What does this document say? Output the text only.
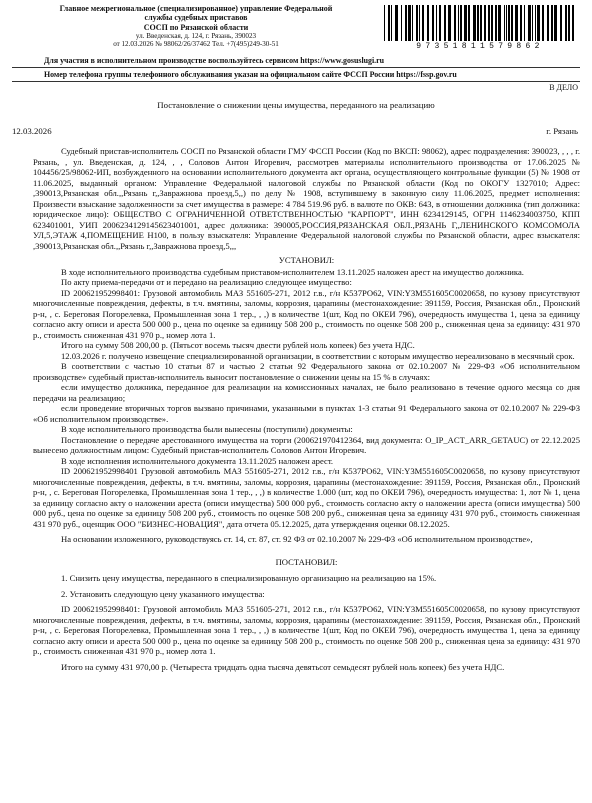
Главное межрегиональное (специализированное) управление Федеральной
службы судебных приставов
СОСП по Рязанской области
ул. Введенская, д. 124, г. Рязань, 390023
от 12.03.2026 № 98062/26/37462 Тел. +7(495)249-30-51	97351811579862
Для участия в исполнительном производстве воспользуйтесь сервисом https://www.gosuslugi.ru
Номер телефона группы телефонного обслуживания указан на официальном сайте ФССП России https://fssp.gov.ru
В ДЕЛО
Постановление о снижении цены имущества, переданного на реализацию
12.03.2026	г. Рязань

Судебный пристав-исполнитель СОСП по Рязанской области ГМУ ФССП России (Код по ВКСП: 98062), адрес подразделения: 390023, , , , г. Рязань, , ул. Введенская, д. 124, , , Соловов Антон Игоревич, рассмотрев материалы исполнительного производства от 17.06.2025 № 104456/25/98062-ИП, возбужденного на основании исполнительного документа акт органа, осуществляющего контрольные функции (5) № 1908 от 11.06.2025, выданный органом: Управление Федеральной налоговой службы по Рязанской области (Код по ОКОГУ 1327010; Адрес: ,390013,Рязанская обл.,,Рязань г,,Завражнова проезд,5,,) по делу № 1908, вступившему в законную силу 11.06.2025, предмет исполнения: Произвести взыскание задолженности за счет имущества в размере: 4 784 519.96 руб. в валюте по ОКВ: 643, в отношении должника (тип должника: юридическое лицо): ОБЩЕСТВО С ОГРАНИЧЕННОЙ ОТВЕТСТВЕННОСТЬЮ "КАРПОРТ", ИНН 6234129145, ОГРН 1146234003750, КПП 623401001, УИП 2006234129145623401001, адрес должника: 390005,РОССИЯ,РЯЗАНСКАЯ ОБЛ.,РЯЗАНЬ Г,,ЛЕНИНСКОГО КОМСОМОЛА УЛ,5,ЭТАЖ 4,ПОМЕЩЕНИЕ Н100, в пользу взыскателя: Управление Федеральной налоговой службы по Рязанской области, адрес взыскателя: ,390013,Рязанская обл.,,Рязань г,,Завражнова проезд,5,,,

УСТАНОВИЛ:

В ходе исполнительного производства судебным приставом-исполнителем 13.11.2025 наложен арест на имущество должника.

По акту приема-передачи от и передано на реализацию следующее имущество:

ID 200621952998401: Грузовой автомобиль МАЗ 551605-271, 2012 г.в., г/н К537РО62, VIN:Y3M551605C0020658, по кузову присутствуют многочисленные повреждения, дефекты, в т.ч. вмятины, заломы, коррозия, царапины (местонахождение: 391159, Россия, Рязанская обл., Пронский р-н, , с. Береговая Погорелевка, Промышленная зона 1 тер., , ,) в количестве 1(шт, Код по ОКЕИ 796), очередность имущества 1, цена за единицу согласно акту описи и ареста 500 000 р., цена по оценке за единицу 508 200 р., стоимость по оценке 508 200 р., сниженная цена за единицу: 431 970 р., стоимость сниженная 431 970 р., номер лота 1.

Итого на сумму 508 200,00 р. (Пятьсот восемь тысяч двести рублей ноль копеек) без учета НДС.

12.03.2026 г. получено извещение специализированной организации, в соответствии с которым имущество нереализовано в месячный срок.

В соответствии с частью 10 статьи 87 и частью 2 статьи 92 Федерального закона от 02.10.2007 № 229-ФЗ «Об исполнительном производстве» судебный пристав-исполнитель выносит постановление о снижении цены на 15 % в случаях:

если имущество должника, переданное для реализации на комиссионных началах, не было реализовано в течение одного месяца со дня передачи на реализацию;

если проведение вторичных торгов вызвано причинами, указанными в пунктах 1-3 статьи 91 Федерального закона от 02.10.2007 № 229-ФЗ «Об исполнительном производстве».

В ходе исполнительного производства были вынесены (поступили) документы:

Постановление о передаче арестованного имущества на торги (200621970412364, вид документа: O_IP_ACT_ARR_GETAUC) от 22.12.2025 вынесено должностным лицом: Судебный пристав-исполнитель Соловов Антон Игоревич.

В ходе исполнения исполнительного документа 13.11.2025 наложен арест.

ID 200621952998401 Грузовой автомобиль МАЗ 551605-271, 2012 г.в., г/н К537РО62, VIN:Y3M551605C0020658, по кузову присутствуют многочисленные повреждения, дефекты, в т.ч. вмятины, заломы, коррозия, царапины (местонахождение: 391159, Россия, Рязанская обл., Пронский р-н, , с. Береговая Погорелевка, Промышленная зона 1 тер., , ,) в количестве 1.000 (шт, код по ОКЕИ 796), очередность имущества: 1, лот № 1, цена за единицу согласно акту о наложении ареста (описи имущества) 500 000 руб., стоимость согласно акту о наложении ареста (описи имущества) 500 000 руб., цена по оценке за единицу 508 200 руб., стоимость по оценке 508 200 руб., сниженная цена за единицу 431 970 руб., стоимость сниженная 431 970 руб., оценщик ООО "БИЗНЕС-НОВАЦИЯ", дата отчета 05.12.2025, дата утверждения оценки 08.12.2025.

На основании изложенного, руководствуясь ст. 14, ст. 87, ст. 92 ФЗ от 02.10.2007 № 229-ФЗ «Об исполнительном производстве»,

ПОСТАНОВИЛ:

1. Снизить цену имущества, переданного в специализированную организацию на реализацию на 15%.

2. Установить следующую цену указанного имущества:

ID 200621952998401: Грузовой автомобиль МАЗ 551605-271, 2012 г.в., г/н К537РО62, VIN:Y3M551605C0020658, по кузову присутствуют многочисленные повреждения, дефекты, в т.ч. вмятины, заломы, коррозия, царапины (местонахождение: 391159, Россия, Рязанская обл., Пронский р-н, , с. Береговая Погорелевка, Промышленная зона 1 тер., , ,) в количестве 1(шт, Код по ОКЕИ 796), очередность имущества 1, цена за единицу согласно акту описи и ареста 500 000 р., цена по оценке за единицу 508 200 р., стоимость по оценке 508 200 р., сниженная цена за единицу: 431 970 р., стоимость сниженная 431 970 р., номер лота 1.

Итого на сумму 431 970,00 р. (Четыреста тридцать одна тысяча девятьсот семьдесят рублей ноль копеек) без учета НДС.
